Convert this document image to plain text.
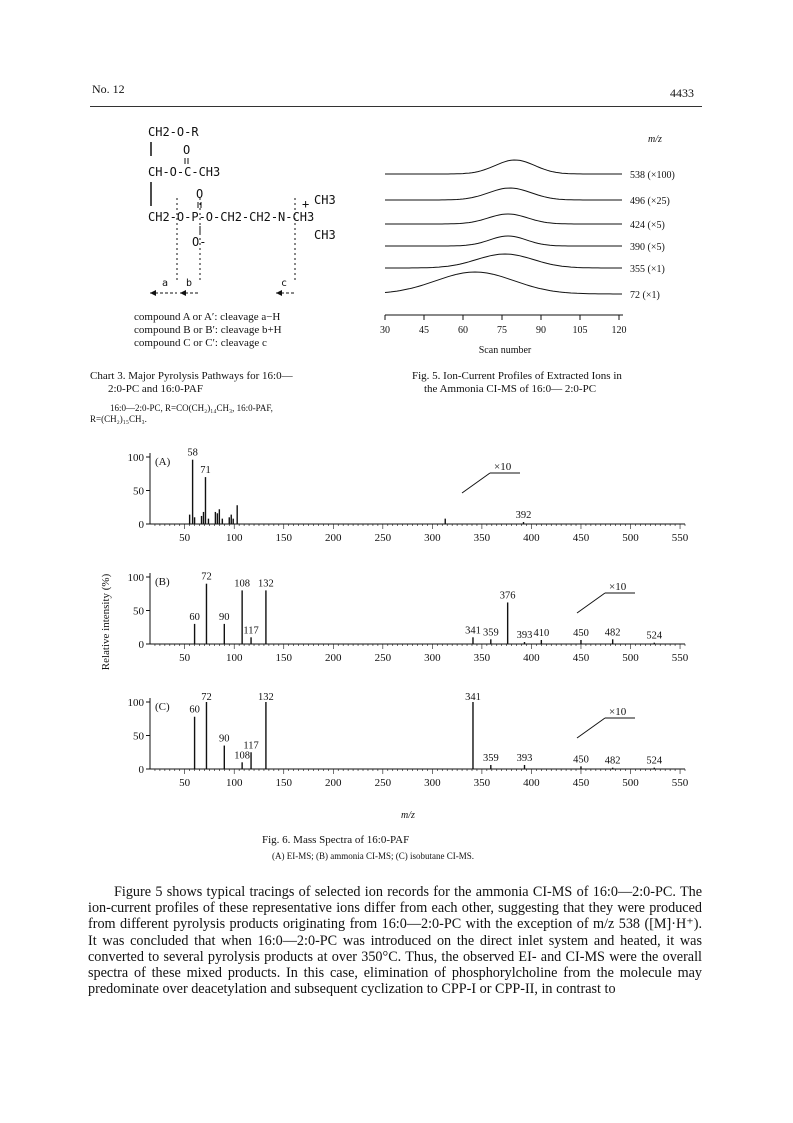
No. 12	4433
CH2-O-R
O
CH-O-C-CH3
O
CH2-O-P-O-CH2-CH2-N-CH3
CH3
CH3
+
O-
a b	c
compound A or A′: cleavage a−H
compound B or B′: cleavage b+H
compound C or C′: cleavage c
Chart 3. Major Pyrolysis Pathways for 16:0—
2:0-PC and 16:0-PAF
16:0—2:0-PC, R=CO(CH₂)₁₄CH₃, 16:0-PAF,
R=(CH₂)₁₅CH₃.
m/z
538 (×100)
496 (×25)
424 (×5)
390 (×5)
355 (×1)
72 (×1)
30	45	60	75	90	105 120
Scan number
Fig. 5. Ion-Current Profiles of Extracted Ions in
the Ammonia CI-MS of 16:0— 2:0-PC
Relative intensity (%)
0
50
100
50	100	150	200	250	300	350	400	450	500	550
(A)
58
71
392
×10
0
50
100
50	100	150	200	250	300	350	400	450	500	550
(B)
60
72
90
108
117
132
341 359
376
393 410 450 482 524
×10
0
50
100
50	100	150	200	250	300	350	400	450	500	550
(C) 60
72
90
108
117
132	341
359 393	450 482 524
×10
m/z
Fig. 6. Mass Spectra of 16:0-PAF
(A) EI-MS; (B) ammonia CI-MS; (C) isobutane CI-MS.

Figure 5 shows typical tracings of selected ion records for the ammonia CI-MS of 16:0—2:0-PC. The ion-current profiles of these representative ions differ from each other, suggesting that they were produced from different pyrolysis products originating from 16:0—2:0-PC with the exception of m/z 538 ([M]·H⁺). It was concluded that when 16:0—2:0-PC was introduced on the direct inlet system and heated, it was converted to several pyrolysis products at over 350°C. Thus, the observed EI- and CI-MS were the overall spectra of these mixed products. In this case, elimination of phosphorylcholine from the molecule may predominate over deacetylation and subsequent cyclization to CPP-I or CPP-II, in contrast to
